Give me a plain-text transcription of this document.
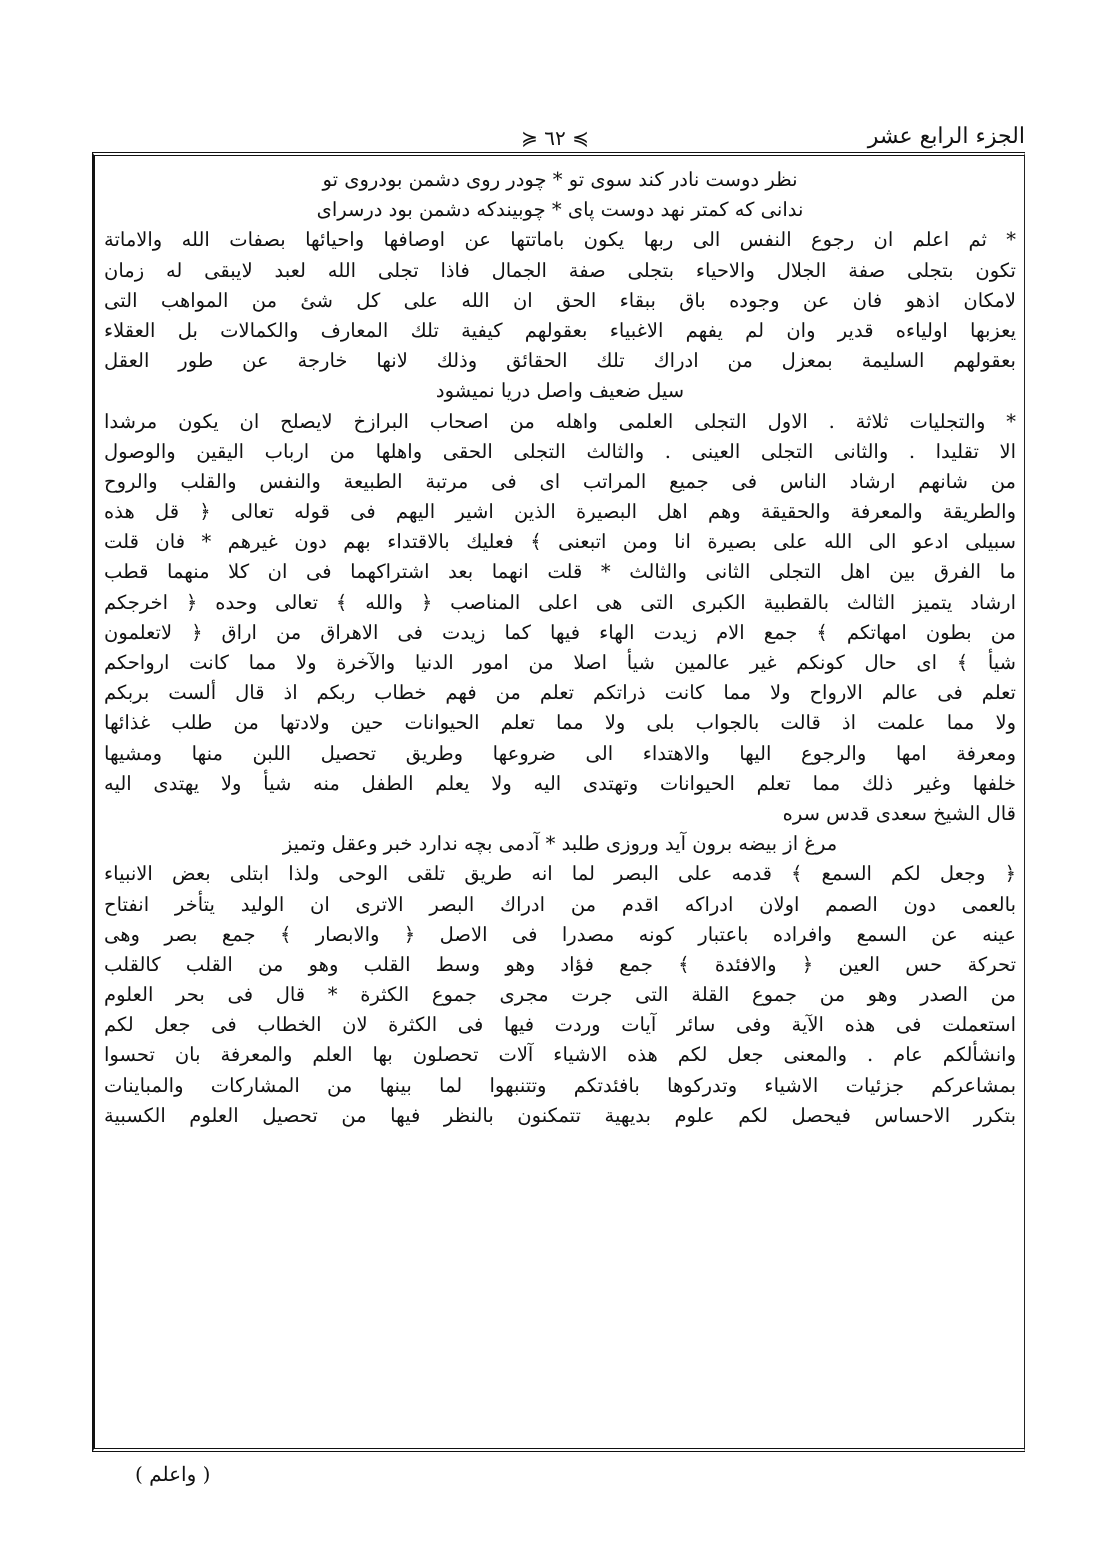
≽ ٦٢ ≼	الجزء الرابع عشر
نظر دوست نادر كند سوى تو * چودر روى دشمن بودروى تو
ندانى كه كمتر نهد دوست پاى * چوبيندكه دشمن بود درسراى
* ثم اعلم ان رجوع النفس الى ربها يكون باماتتها عن اوصافها واحيائها بصفات الله والاماتة
تكون بتجلى صفة الجلال والاحياء بتجلى صفة الجمال فاذا تجلى الله لعبد لايبقى له زمان
لامكان اذهو فان عن وجوده باق ببقاء الحق ان الله على كل شئ من المواهب التى
يعزبها اولياءه قدير وان لم يفهم الاغبياء بعقولهم كيفية تلك المعارف والكمالات بل العقلاء
بعقولهم السليمة بمعزل من ادراك تلك الحقائق وذلك لانها خارجة عن طور العقل
سيل ضعيف واصل دريا نميشود
* والتجليات ثلاثة . الاول التجلى العلمى واهله من اصحاب البرازخ لايصلح ان يكون مرشدا
الا تقليدا . والثانى التجلى العينى . والثالث التجلى الحقى واهلها من ارباب اليقين والوصول
من شانهم ارشاد الناس فى جميع المراتب اى فى مرتبة الطبيعة والنفس والقلب والروح
والطريقة والمعرفة والحقيقة وهم اهل البصيرة الذين اشير اليهم فى قوله تعالى ﴿ قل هذه
سبيلى ادعو الى الله على بصيرة انا ومن اتبعنى ﴾ فعليك بالاقتداء بهم دون غيرهم * فان قلت
ما الفرق بين اهل التجلى الثانى والثالث * قلت انهما بعد اشتراكهما فى ان كلا منهما قطب
ارشاد يتميز الثالث بالقطبية الكبرى التى هى اعلى المناصب ﴿ والله ﴾ تعالى وحده ﴿ اخرجكم
من بطون امهاتكم ﴾ جمع الام زيدت الهاء فيها كما زيدت فى الاهراق من اراق ﴿ لاتعلمون
شيأ ﴾ اى حال كونكم غير عالمين شيأ اصلا من امور الدنيا والآخرة ولا مما كانت ارواحكم
تعلم فى عالم الارواح ولا مما كانت ذراتكم تعلم من فهم خطاب ربكم اذ قال ألست بربكم
ولا مما علمت اذ قالت بالجواب بلى ولا مما تعلم الحيوانات حين ولادتها من طلب غذائها
ومعرفة امها والرجوع اليها والاهتداء الى ضروعها وطريق تحصيل اللبن منها ومشيها
خلفها وغير ذلك مما تعلم الحيوانات وتهتدى اليه ولا يعلم الطفل منه شيأ ولا يهتدى اليه
قال الشيخ سعدى قدس سره
مرغ از بيضه برون آيد وروزى طلبد * آدمى بچه ندارد خبر وعقل وتميز
﴿ وجعل لكم السمع ﴾ قدمه على البصر لما انه طريق تلقى الوحى ولذا ابتلى بعض الانبياء
بالعمى دون الصمم اولان ادراكه اقدم من ادراك البصر الاترى ان الوليد يتأخر انفتاح
عينه عن السمع وافراده باعتبار كونه مصدرا فى الاصل ﴿ والابصار ﴾ جمع بصر وهى
تحركة حس العين ﴿ والافئدة ﴾ جمع فؤاد وهو وسط القلب وهو من القلب كالقلب
من الصدر وهو من جموع القلة التى جرت مجرى جموع الكثرة * قال فى بحر العلوم
استعملت فى هذه الآية وفى سائر آيات وردت فيها فى الكثرة لان الخطاب فى جعل لكم
وانشألكم عام . والمعنى جعل لكم هذه الاشياء آلات تحصلون بها العلم والمعرفة بان تحسوا
بمشاعركم جزئيات الاشياء وتدركوها بافئدتكم وتتنبهوا لما بينها من المشاركات والمباينات
بتكرر الاحساس فيحصل لكم علوم بديهية تتمكنون بالنظر فيها من تحصيل العلوم الكسبية
( واعلم )
